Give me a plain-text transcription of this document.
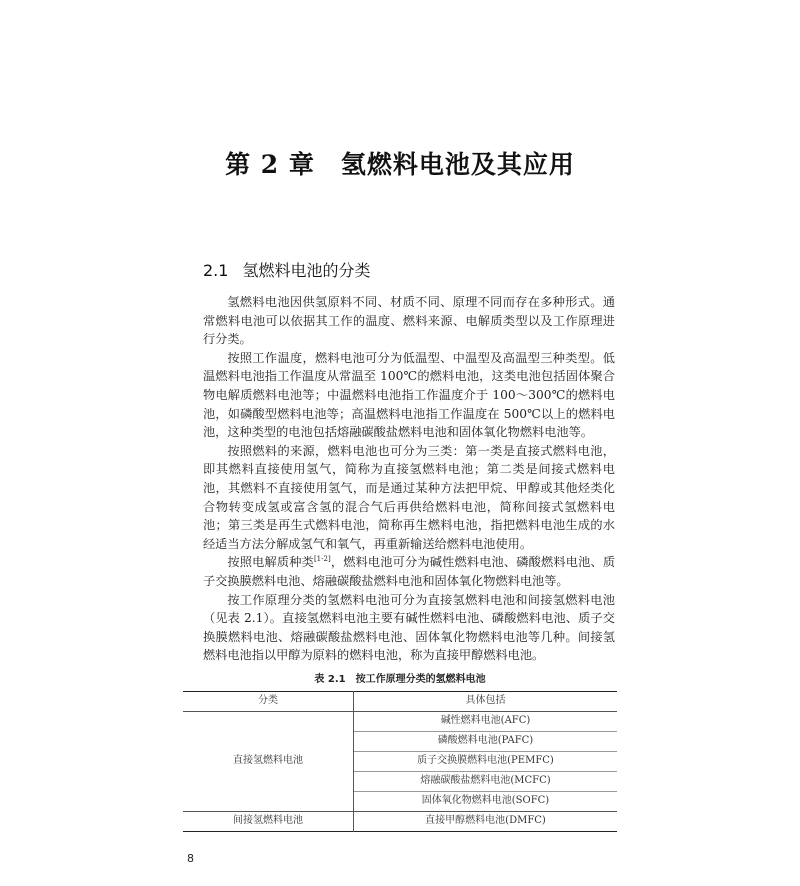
第 2 章　氢燃料电池及其应用
2.1 氢燃料电池的分类

氢燃料电池因供氢原料不同、材质不同、原理不同而存在多种形式。通常燃料电池可以依据其工作的温度、燃料来源、电解质类型以及工作原理进行分类。

按照工作温度，燃料电池可分为低温型、中温型及高温型三种类型。低温燃料电池指工作温度从常温至 100℃的燃料电池，这类电池包括固体聚合物电解质燃料电池等；中温燃料电池指工作温度介于 100～300℃的燃料电池，如磷酸型燃料电池等；高温燃料电池指工作温度在 500℃以上的燃料电池，这种类型的电池包括熔融碳酸盐燃料电池和固体氧化物燃料电池等。

按照燃料的来源，燃料电池也可分为三类：第一类是直接式燃料电池，即其燃料直接使用氢气，简称为直接氢燃料电池；第二类是间接式燃料电池，其燃料不直接使用氢气，而是通过某种方法把甲烷、甲醇或其他烃类化合物转变成氢或富含氢的混合气后再供给燃料电池，简称间接式氢燃料电池；第三类是再生式燃料电池，简称再生燃料电池，指把燃料电池生成的水经适当方法分解成氢气和氧气，再重新输送给燃料电池使用。

按照电解质种类[1-2]，燃料电池可分为碱性燃料电池、磷酸燃料电池、质子交换膜燃料电池、熔融碳酸盐燃料电池和固体氧化物燃料电池等。

按工作原理分类的氢燃料电池可分为直接氢燃料电池和间接氢燃料电池（见表 2.1）。直接氢燃料电池主要有碱性燃料电池、磷酸燃料电池、质子交换膜燃料电池、熔融碳酸盐燃料电池、固体氧化物燃料电池等几种。间接氢燃料电池指以甲醇为原料的燃料电池，称为直接甲醇燃料电池。

表 2.1　按工作原理分类的氢燃料电池
分类	具体包括
直接氢燃料电池	碱性燃料电池(AFC)
	磷酸燃料电池(PAFC)
	质子交换膜燃料电池(PEMFC)
	熔融碳酸盐燃料电池(MCFC)
	固体氧化物燃料电池(SOFC)
间接氢燃料电池	直接甲醇燃料电池(DMFC)
8
